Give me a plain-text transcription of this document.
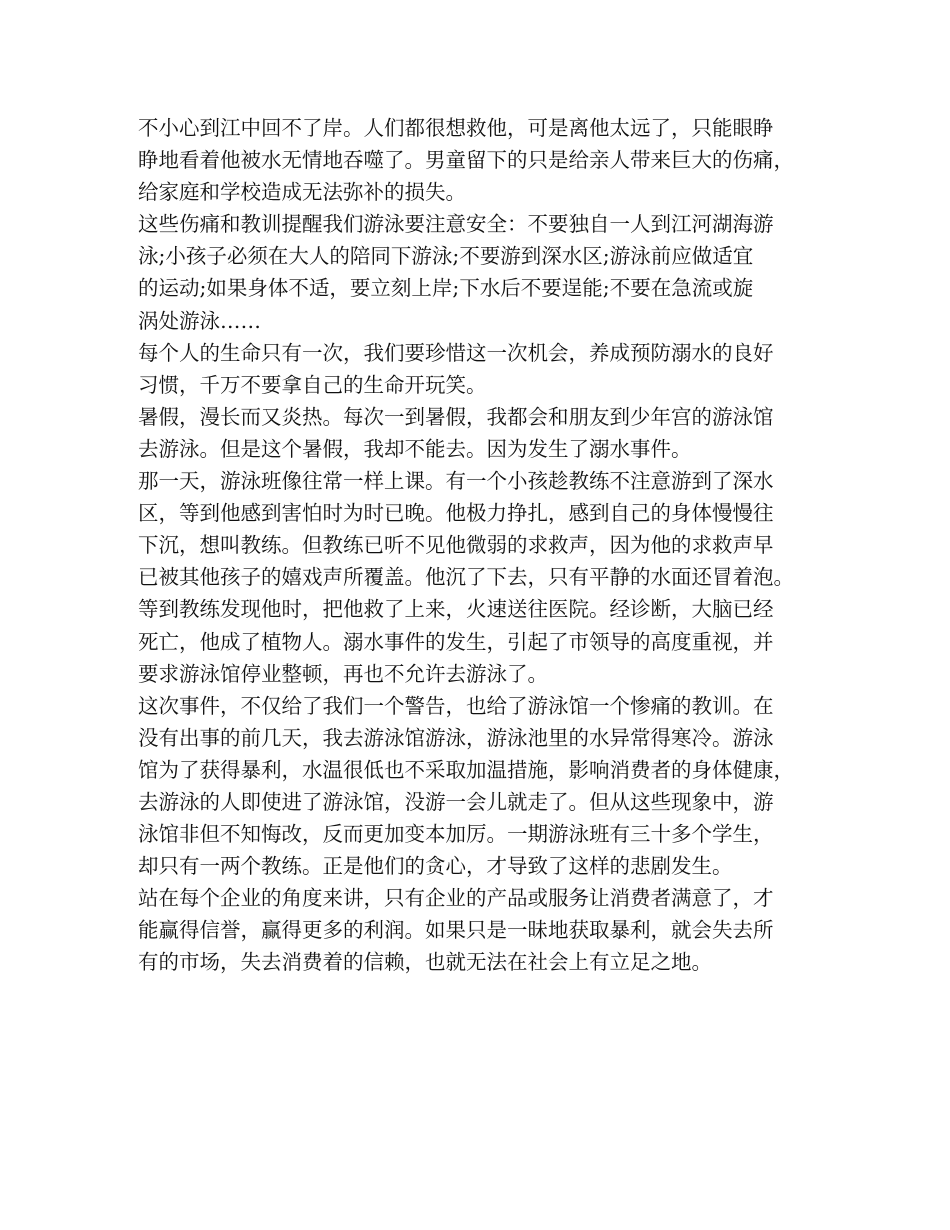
不小心到江中回不了岸。人们都很想救他，可是离他太远了，只能眼睁
睁地看着他被水无情地吞噬了。男童留下的只是给亲人带来巨大的伤痛，
给家庭和学校造成无法弥补的损失。
这些伤痛和教训提醒我们游泳要注意安全：不要独自一人到江河湖海游
泳;小孩子必须在大人的陪同下游泳;不要游到深水区;游泳前应做适宜
的运动;如果身体不适，要立刻上岸;下水后不要逞能;不要在急流或旋
涡处游泳……
每个人的生命只有一次，我们要珍惜这一次机会，养成预防溺水的良好
习惯，千万不要拿自己的生命开玩笑。
暑假，漫长而又炎热。每次一到暑假，我都会和朋友到少年宫的游泳馆
去游泳。但是这个暑假，我却不能去。因为发生了溺水事件。
那一天，游泳班像往常一样上课。有一个小孩趁教练不注意游到了深水
区，等到他感到害怕时为时已晚。他极力挣扎，感到自己的身体慢慢往
下沉，想叫教练。但教练已听不见他微弱的求救声，因为他的求救声早
已被其他孩子的嬉戏声所覆盖。他沉了下去，只有平静的水面还冒着泡。
等到教练发现他时，把他救了上来，火速送往医院。经诊断，大脑已经
死亡，他成了植物人。溺水事件的发生，引起了市领导的高度重视，并
要求游泳馆停业整顿，再也不允许去游泳了。
这次事件，不仅给了我们一个警告，也给了游泳馆一个惨痛的教训。在
没有出事的前几天，我去游泳馆游泳，游泳池里的水异常得寒冷。游泳
馆为了获得暴利，水温很低也不采取加温措施，影响消费者的身体健康，
去游泳的人即使进了游泳馆，没游一会儿就走了。但从这些现象中，游
泳馆非但不知悔改，反而更加变本加厉。一期游泳班有三十多个学生，
却只有一两个教练。正是他们的贪心，才导致了这样的悲剧发生。
站在每个企业的角度来讲，只有企业的产品或服务让消费者满意了，才
能赢得信誉，赢得更多的利润。如果只是一昧地获取暴利，就会失去所
有的市场，失去消费着的信赖，也就无法在社会上有立足之地。
